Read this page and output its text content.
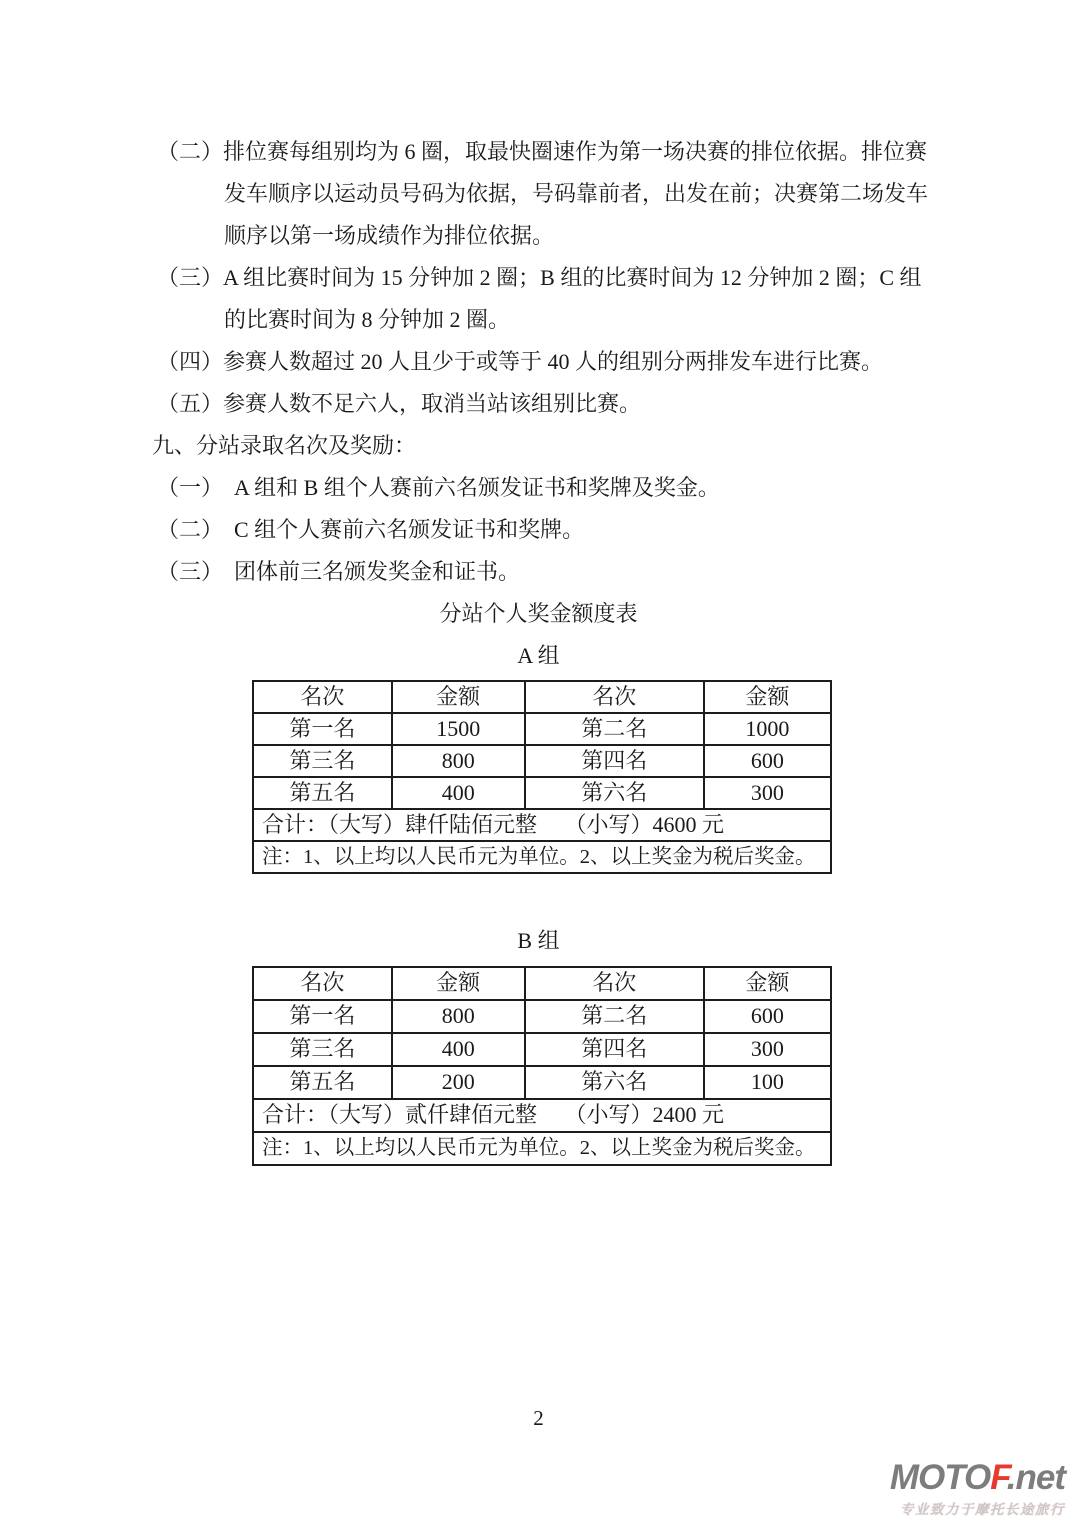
（二）排位赛每组别均为 6 圈，取最快圈速作为第一场决赛的排位依据。排位赛
发车顺序以运动员号码为依据，号码靠前者，出发在前；决赛第二场发车
顺序以第一场成绩作为排位依据。
（三）A 组比赛时间为 15 分钟加 2 圈；B 组的比赛时间为 12 分钟加 2 圈；C 组
的比赛时间为 8 分钟加 2 圈。
（四）参赛人数超过 20 人且少于或等于 40 人的组别分两排发车进行比赛。
（五）参赛人数不足六人，取消当站该组别比赛。
九、分站录取名次及奖励：
（一）　A 组和 B 组个人赛前六名颁发证书和奖牌及奖金。
（二）　C 组个人赛前六名颁发证书和奖牌。
（三）　团体前三名颁发奖金和证书。
分站个人奖金额度表
A 组
名次	金额	名次	金额
第一名	1500	第二名	1000
第三名	800	第四名	600
第五名	400	第六名	300
合计：（大写）肆仟陆佰元整　 （小写）4600 元			
注：1、以上均以人民币元为单位。2、以上奖金为税后奖金。			
B 组
名次	金额	名次	金额
第一名	800	第二名	600
第三名	400	第四名	300
第五名	200	第六名	100
合计：（大写）贰仟肆佰元整　 （小写）2400 元			
注：1、以上均以人民币元为单位。2、以上奖金为税后奖金。			
2
MOTOF.net
专业致力于摩托长途旅行
